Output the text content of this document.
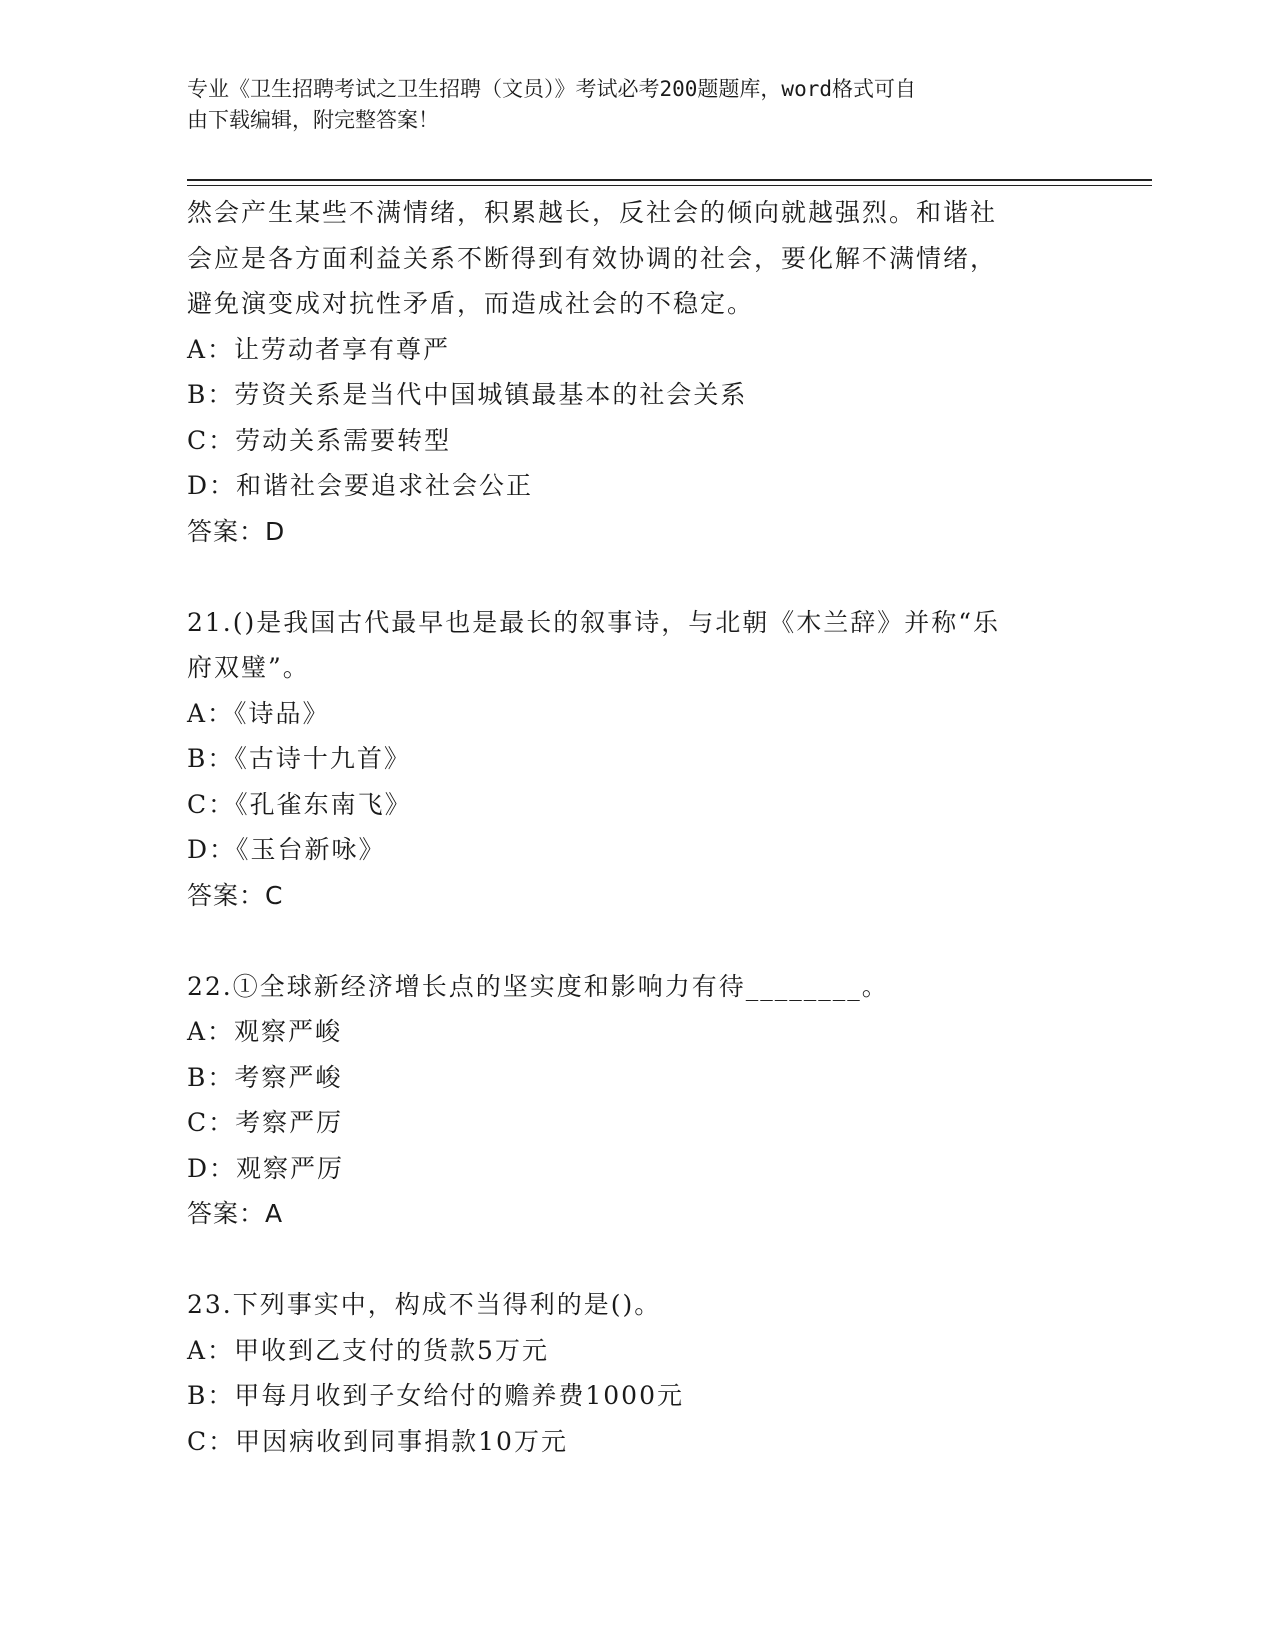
专业《卫生招聘考试之卫生招聘（文员）》考试必考200题题库，word格式可自
由下载编辑，附完整答案！
然会产生某些不满情绪，积累越长，反社会的倾向就越强烈。和谐社
会应是各方面利益关系不断得到有效协调的社会，要化解不满情绪，
避免演变成对抗性矛盾，而造成社会的不稳定。
A：让劳动者享有尊严
B：劳资关系是当代中国城镇最基本的社会关系
C：劳动关系需要转型
D：和谐社会要追求社会公正
答案：D
21.()是我国古代最早也是最长的叙事诗，与北朝《木兰辞》并称“乐
府双璧”。
A：《诗品》
B：《古诗十九首》
C：《孔雀东南飞》
D：《玉台新咏》
答案：C
22.①全球新经济增长点的坚实度和影响力有待________。
A：观察严峻
B：考察严峻
C：考察严厉
D：观察严厉
答案：A
23.下列事实中，构成不当得利的是()。
A：甲收到乙支付的货款5万元
B：甲每月收到子女给付的赡养费1000元
C：甲因病收到同事捐款10万元
